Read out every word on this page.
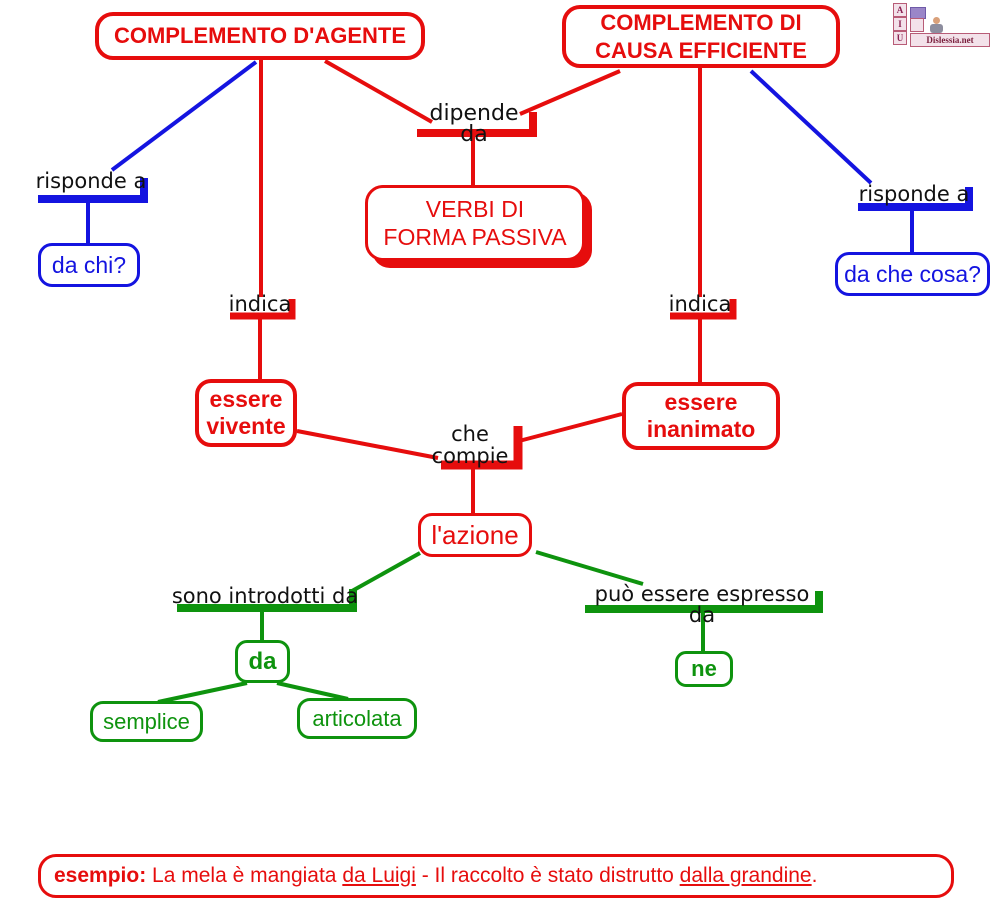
COMPLEMENTO D'AGENTE
COMPLEMENTO DI
CAUSA EFFICIENTE
VERBI DI
FORMA PASSIVA
essere
vivente
essere
inanimato
l'azione
da chi?	da che cosa?
da
semplice	articolata
ne
dipende da
risponde a
risponde a
indica	indica
che
compie
sono introdotti da	può essere espresso da
esempio: La mela è mangiata da Luigi - Il raccolto è stato distrutto dalla grandine .
A
I
U	Dislessia.net
